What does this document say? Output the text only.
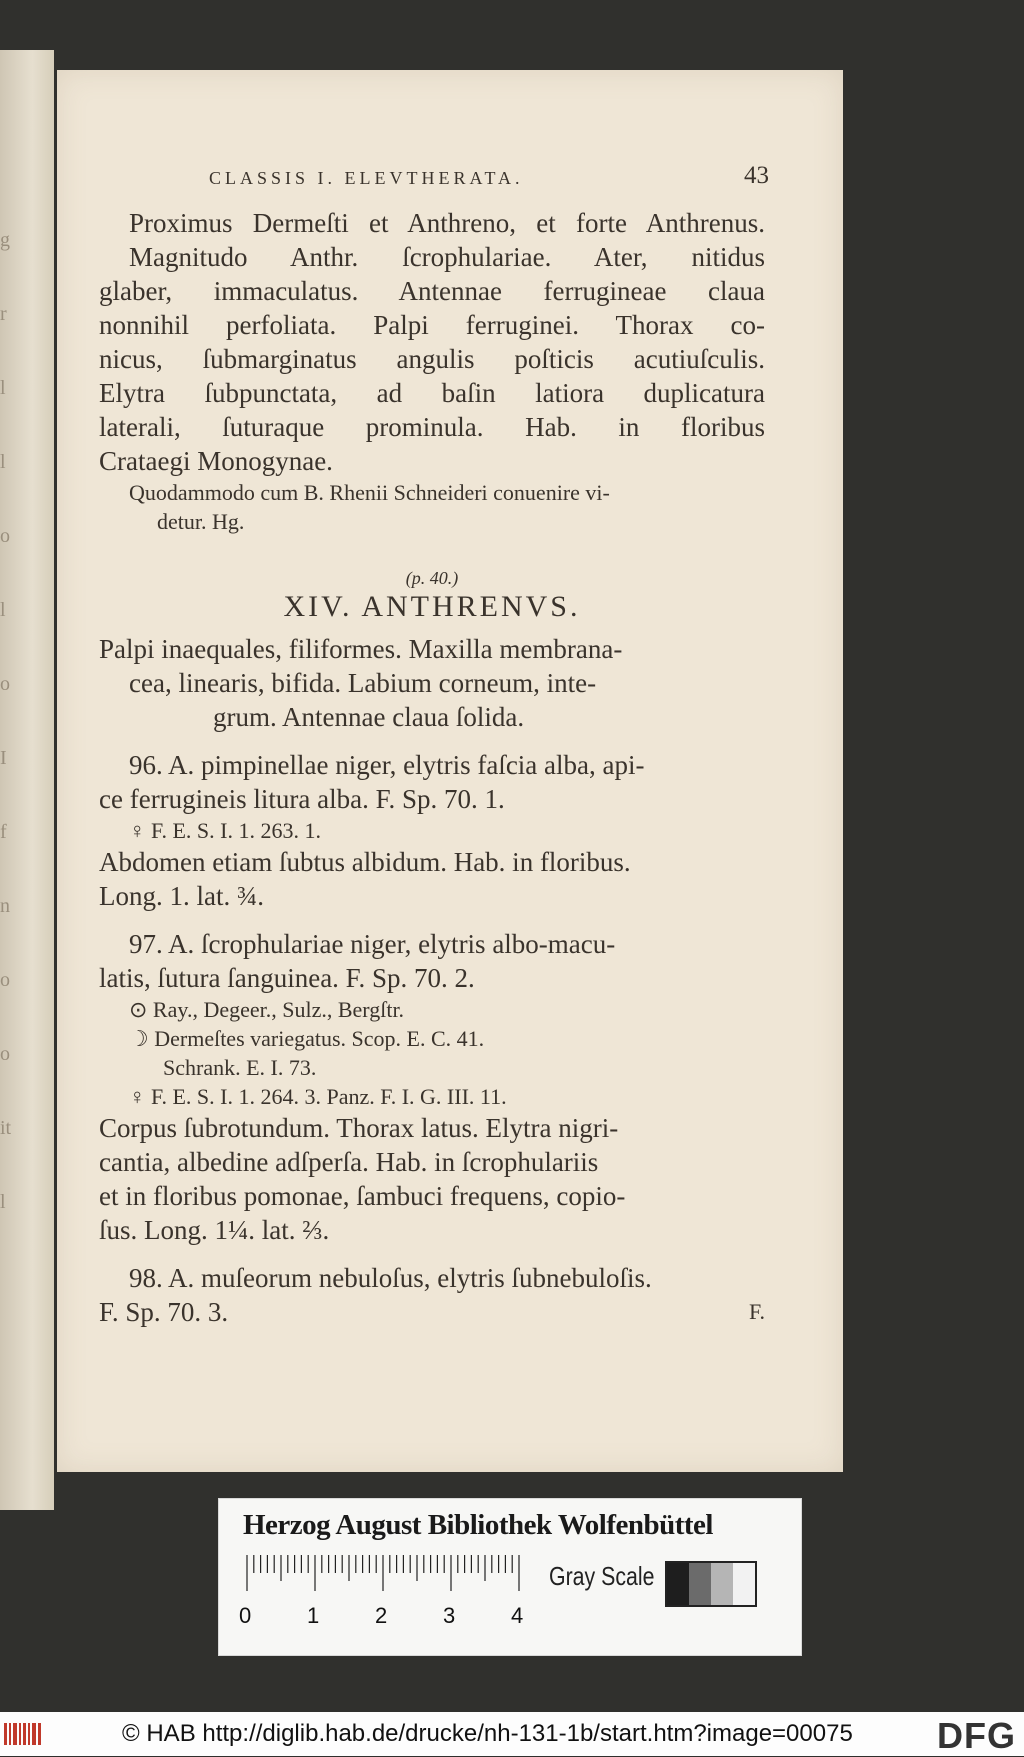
g
r
l
l
o
l
o
I
f
n
o
o
it
l
CLASSIS I. ELEVTHERATA.	43
Proximus Dermeſti et Anthreno, et forte Anthrenus.
Magnitudo Anthr. ſcrophulariae. Ater, nitidus
glaber, immaculatus. Antennae ferrugineae claua
nonnihil perfoliata. Palpi ferruginei. Thorax co-
nicus, ſubmarginatus angulis poſticis acutiuſculis.
Elytra ſubpunctata, ad baſin latiora duplicatura
laterali, ſuturaque prominula. Hab. in floribus
Crataegi Monogynae.
Quodammodo cum B. Rhenii Schneideri conuenire vi-
detur. Hg.
(p. 40.)
XIV. ANTHRENVS.
Palpi inaequales, filiformes. Maxilla membrana-
cea, linearis, bifida. Labium corneum, inte-
grum. Antennae claua ſolida.
96. A. pimpinellae niger, elytris faſcia alba, api-
ce ferrugineis litura alba. F. Sp. 70. 1.
♀ F. E. S. I. 1. 263. 1.
Abdomen etiam ſubtus albidum. Hab. in floribus.
Long. 1. lat. ¾.
97. A. ſcrophulariae niger, elytris albo-macu-
latis, ſutura ſanguinea. F. Sp. 70. 2.
⊙ Ray., Degeer., Sulz., Bergſtr.
☽ Dermeſtes variegatus. Scop. E. C. 41.
Schrank. E. I. 73.
♀ F. E. S. I. 1. 264. 3. Panz. F. I. G. III. 11.
Corpus ſubrotundum. Thorax latus. Elytra nigri-
cantia, albedine adſperſa. Hab. in ſcrophulariis
et in floribus pomonae, ſambuci frequens, copio-
ſus. Long. 1¼. lat. ⅔.
98. A. muſeorum nebuloſus, elytris ſubnebuloſis.
F. Sp. 70. 3.	F.
Herzog August Bibliothek Wolfenbüttel
0	1	2	3	4
Gray Scale
© HAB http://diglib.hab.de/drucke/nh-131-1b/start.htm?image=00075 DFG
